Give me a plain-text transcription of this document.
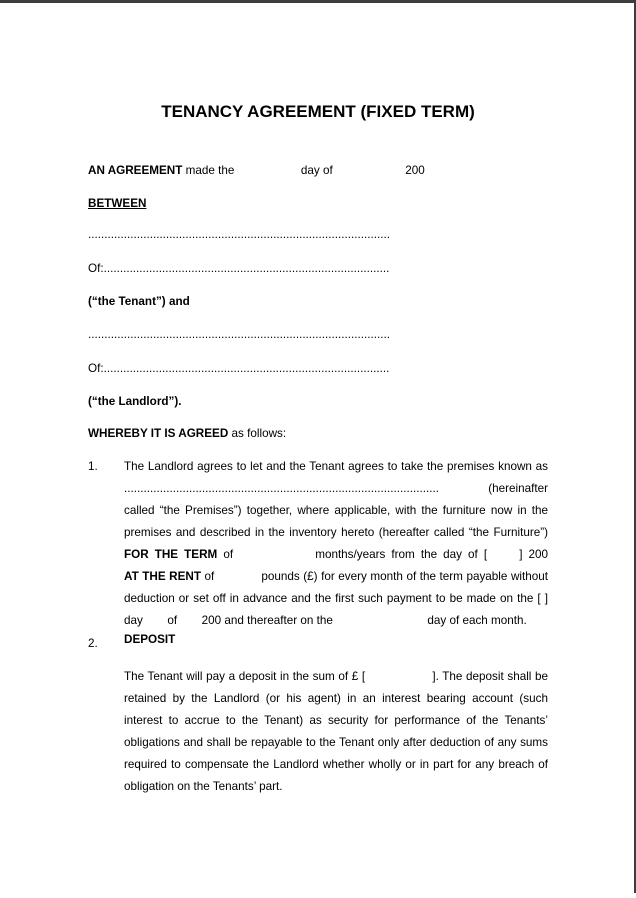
TENANCY AGREEMENT (FIXED TERM)
AN AGREEMENT made the	day of	200
BETWEEN
.............................................................................................
Of:........................................................................................
(“the Tenant”) and
.............................................................................................
Of:........................................................................................
(“the Landlord”).
WHEREBY IT IS AGREED as follows:
1. The Landlord agrees to let and the Tenant agrees to take the premises known as
.................................................................................................	(hereinafter
called “the Premises”) together, where applicable, with the furniture now in the
premises and described in the inventory hereto (hereafter called “the Furniture”)
FOR THE TERM of	months/years from the day of [	] 200
AT THE RENT of	pounds (£) for every month of the term payable without
deduction or set off in advance and the first such payment to be made on the [ ]
day of 200 and thereafter on the	day of each month.
2. DEPOSIT
The Tenant will pay a deposit in the sum of £ [	]. The deposit shall be
retained by the Landlord (or his agent) in an interest bearing account (such
interest to accrue to the Tenant) as security for performance of the Tenants’
obligations and shall be repayable to the Tenant only after deduction of any sums
required to compensate the Landlord whether wholly or in part for any breach of
obligation on the Tenants’ part.
